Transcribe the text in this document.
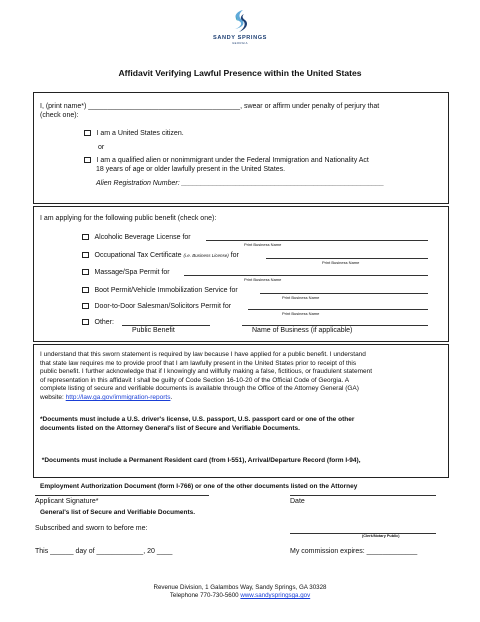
SANDY SPRINGS
GEORGIA
Affidavit Verifying Lawful Presence within the United States
I, (print name*) _______________________________________, swear or affirm under penalty of perjury that
(check one):
I am a United States citizen.
or
I am a qualified alien or nonimmigrant under the Federal Immigration and Nationality Act
18 years of age or older lawfully present in the United States.
Alien Registration Number: ____________________________________________________
I am applying for the following public benefit (check one):
Alcoholic Beverage License for
Print Business Name
Occupational Tax Certificate (i.e. Business License) for
Print Business Name
Massage/Spa Permit for
Print Business Name
Boot Permit/Vehicle Immobilization Service for
Print Business Name
Door-to-Door Salesman/Solicitors Permit for
Print Business Name
Other:
Public Benefit	Name of Business (if applicable)
I understand that this sworn statement is required by law because I have applied for a public benefit. I understand
that state law requires me to provide proof that I am lawfully present in the United States prior to receipt of this
public benefit. I further acknowledge that if I knowingly and willfully making a false, fictitious, or fraudulent statement
of representation in this affidavit I shall be guilty of Code Section 16-10-20 of the Official Code of Georgia. A
complete listing of secure and verifiable documents is available through the Office of the Attorney General (GA)
website: http://law.ga.gov/immigration-reports.
*Documents must include a U.S. driver's license, U.S. passport, U.S. passport card or one of the other
documents listed on the Attorney General's list of Secure and Verifiable Documents.

*Documents must include a Permanent Resident card (from I-551), Arrival/Departure Record (form I-94),

Employment Authorization Document (form I-766) or one of the other documents listed on the Attorney

General's list of Secure and Verifiable Documents.

Applicant Signature*	Date
Subscribed and sworn to before me:
(Clerk/Notary Public)
This ______ day of ____________, 20 ____	My commission expires: _____________
Revenue Division, 1 Galambos Way, Sandy Springs, GA 30328
Telephone 770-730-5600 www.sandyspringsga.gov
